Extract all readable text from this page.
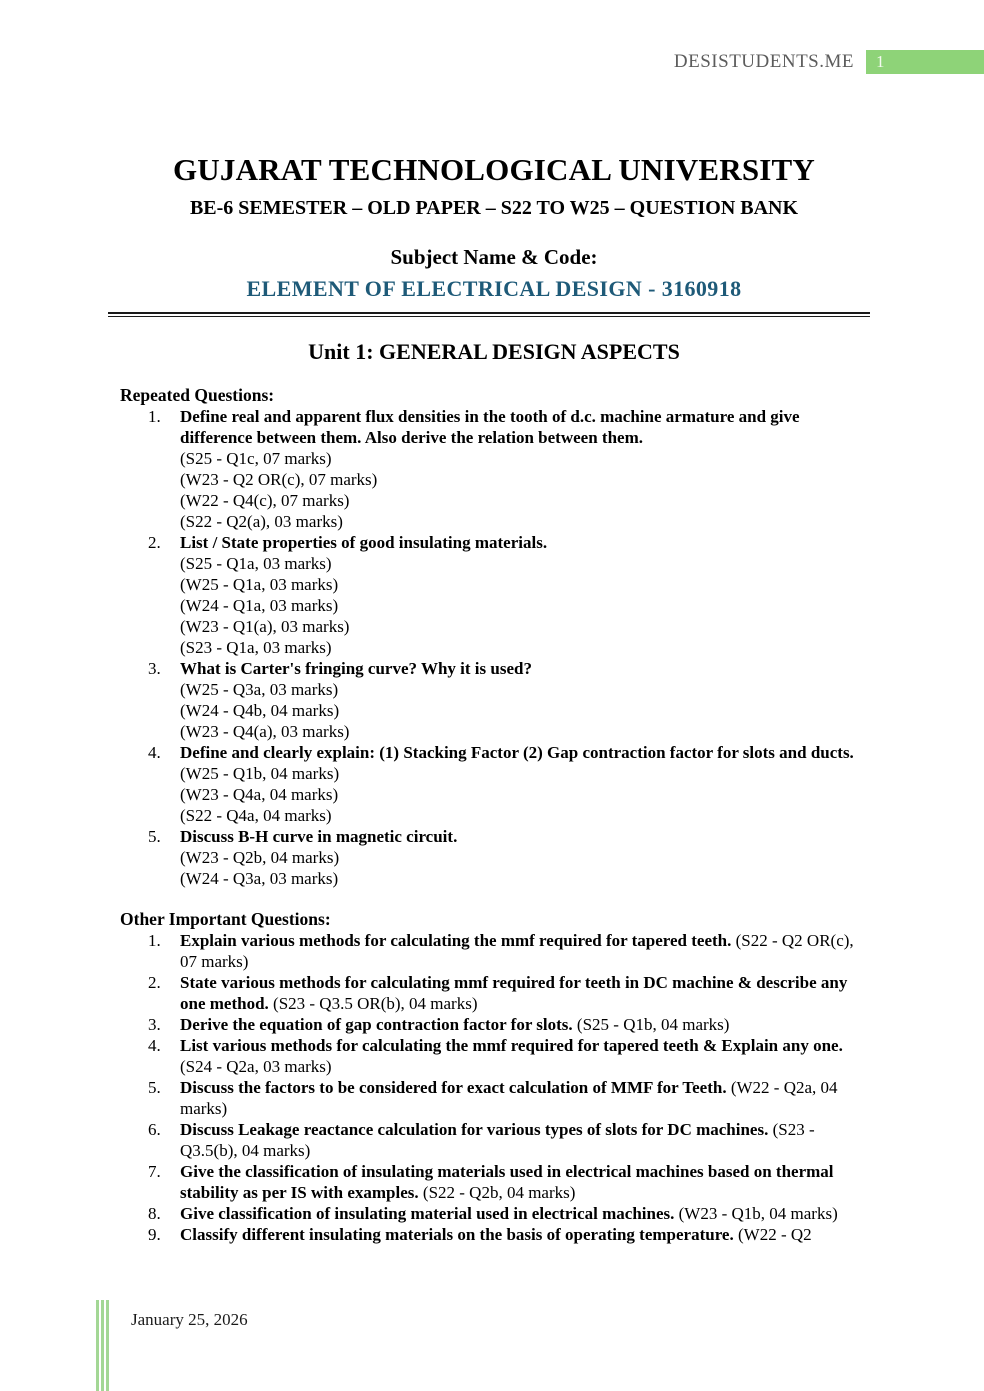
DESISTUDENTS.ME	1
GUJARAT TECHNOLOGICAL UNIVERSITY
BE-6 SEMESTER – OLD PAPER – S22 TO W25 – QUESTION BANK
Subject Name & Code:
ELEMENT OF ELECTRICAL DESIGN - 3160918
Unit 1: GENERAL DESIGN ASPECTS
Repeated Questions:
1.	Define real and apparent flux densities in the tooth of d.c. machine armature and give difference between them. Also derive the relation between them.
(S25 - Q1c, 07 marks)
(W23 - Q2 OR(c), 07 marks)
(W22 - Q4(c), 07 marks)
(S22 - Q2(a), 03 marks)
2.	List / State properties of good insulating materials.
(S25 - Q1a, 03 marks)
(W25 - Q1a, 03 marks)
(W24 - Q1a, 03 marks)
(W23 - Q1(a), 03 marks)
(S23 - Q1a, 03 marks)
3.	What is Carter's fringing curve? Why it is used?
(W25 - Q3a, 03 marks)
(W24 - Q4b, 04 marks)
(W23 - Q4(a), 03 marks)
4.	Define and clearly explain: (1) Stacking Factor (2) Gap contraction factor for slots and ducts.
(W25 - Q1b, 04 marks)
(W23 - Q4a, 04 marks)
(S22 - Q4a, 04 marks)
5.	Discuss B-H curve in magnetic circuit.
(W23 - Q2b, 04 marks)
(W24 - Q3a, 03 marks)
Other Important Questions:
1.	Explain various methods for calculating the mmf required for tapered teeth. (S22 - Q2 OR(c), 07 marks)
2.	State various methods for calculating mmf required for teeth in DC machine & describe any one method. (S23 - Q3.5 OR(b), 04 marks)
3.	Derive the equation of gap contraction factor for slots. (S25 - Q1b, 04 marks)
4.	List various methods for calculating the mmf required for tapered teeth & Explain any one. (S24 - Q2a, 03 marks)
5.	Discuss the factors to be considered for exact calculation of MMF for Teeth. (W22 - Q2a, 04 marks)
6.	Discuss Leakage reactance calculation for various types of slots for DC machines. (S23 - Q3.5(b), 04 marks)
7.	Give the classification of insulating materials used in electrical machines based on thermal stability as per IS with examples. (S22 - Q2b, 04 marks)
8.	Give classification of insulating material used in electrical machines. (W23 - Q1b, 04 marks)
9.	Classify different insulating materials on the basis of operating temperature. (W22 - Q2
January 25, 2026
